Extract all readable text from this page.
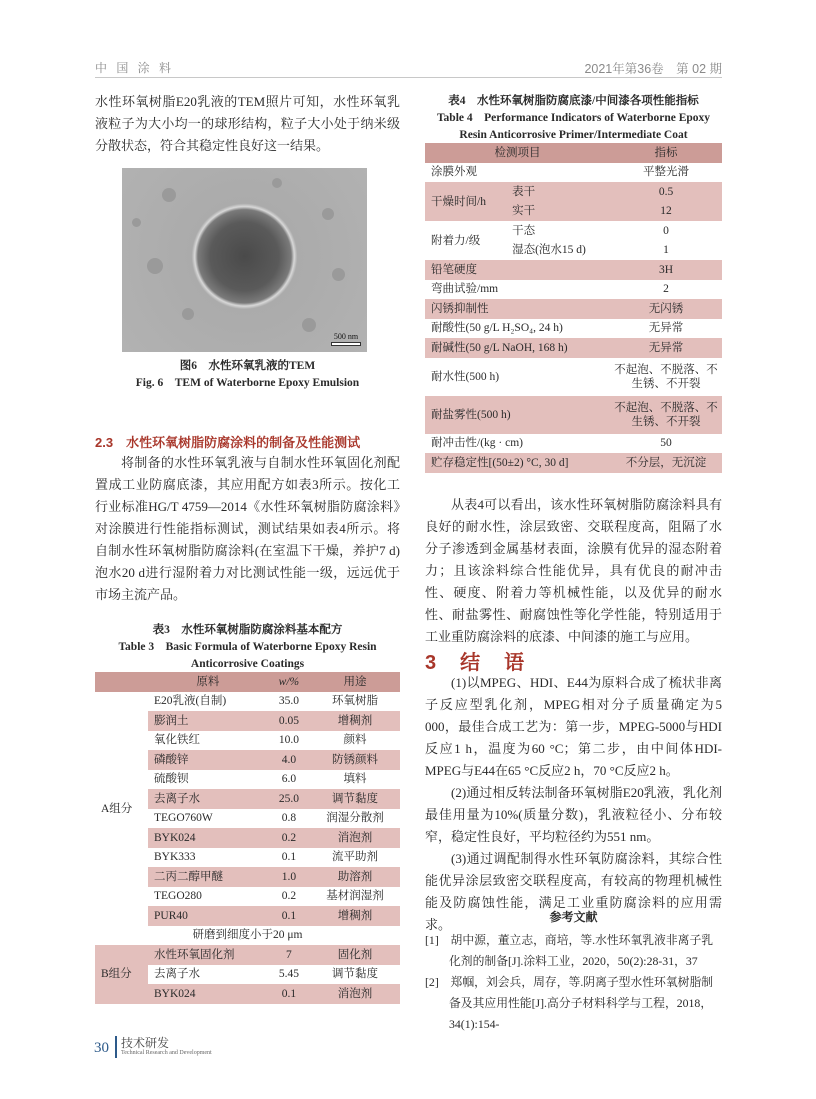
中 国 涂 料	2021年第36卷　第 02 期

水性环氧树脂E20乳液的TEM照片可知，水性环氧乳液粒子为大小均一的球形结构，粒子大小处于纳米级分散状态，符合其稳定性良好这一结果。

500 nm
图6　水性环氧乳液的TEM
Fig. 6　TEM of Waterborne Epoxy Emulsion
2.3　水性环氧树脂防腐涂料的制备及性能测试

将制备的水性环氧乳液与自制水性环氧固化剂配置成工业防腐底漆，其应用配方如表3所示。按化工行业标准HG/T 4759—2014《水性环氧树脂防腐涂料》对涂膜进行性能指标测试，测试结果如表4所示。将自制水性环氧树脂防腐涂料(在室温下干燥，养护7 d)泡水20 d进行湿附着力对比测试性能一级，远远优于市场主流产品。

表3　水性环氧树脂防腐涂料基本配方
Table 3　Basic Formula of Waterborne Epoxy Resin Anticorrosive Coatings
	原料	w/%	用途
A组分	E20乳液(自制)	35.0	环氧树脂
	膨润土	0.05	增稠剂
	氧化铁红	10.0	颜料
	磷酸锌	4.0	防锈颜料
	硫酸钡	6.0	填料
	去离子水	25.0	调节黏度
	TEGO760W	0.8	润湿分散剂
	BYK024	0.2	消泡剂
	BYK333	0.1	流平助剂
	二丙二醇甲醚	1.0	助溶剂
	TEGO280	0.2	基材润湿剂
	PUR40	0.1	增稠剂
研磨到细度小于20 μm			
B组分	水性环氧固化剂	7	固化剂
	去离子水	5.45	调节黏度
	BYK024	0.1	消泡剂
表4　水性环氧树脂防腐底漆/中间漆各项性能指标
Table 4　Performance Indicators of Waterborne Epoxy Resin Anticorrosive Primer/Intermediate Coat
检测项目		指标
涂膜外观		平整光滑
干燥时间/h	表干	0.5
	实干	12
附着力/级	干态	0
	湿态(泡水15 d)	1
铅笔硬度		3H
弯曲试验/mm		2
闪锈抑制性		无闪锈
耐酸性(50 g/L H₂SO₄, 24 h)		无异常
耐碱性(50 g/L NaOH, 168 h)		无异常
耐水性(500 h)		不起泡、不脱落、不生锈、不开裂
耐盐雾性(500 h)		不起泡、不脱落、不生锈、不开裂
耐冲击性/(kg · cm)		50
贮存稳定性[(50±2) °C, 30 d]		不分层，无沉淀

从表4可以看出，该水性环氧树脂防腐涂料具有良好的耐水性，涂层致密、交联程度高，阻隔了水分子渗透到金属基材表面，涂膜有优异的湿态附着力；且该涂料综合性能优异，具有优良的耐冲击性、硬度、附着力等机械性能，以及优异的耐水性、耐盐雾性、耐腐蚀性等化学性能，特别适用于工业重防腐涂料的底漆、中间漆的施工与应用。

3　结　语

(1)以MPEG、HDI、E44为原料合成了梳状非离子反应型乳化剂，MPEG相对分子质量确定为5 000，最佳合成工艺为：第一步，MPEG-5000与HDI反应1 h，温度为60 °C；第二步，由中间体HDI-MPEG与E44在65 °C反应2 h，70 °C反应2 h。

(2)通过相反转法制备环氧树脂E20乳液，乳化剂最佳用量为10%(质量分数)，乳液粒径小、分布较窄，稳定性良好，平均粒径约为551 nm。

(3)通过调配制得水性环氧防腐涂料，其综合性能优异涂层致密交联程度高，有较高的物理机械性能及防腐蚀性能，满足工业重防腐涂料的应用需求。	参考文献

[1]　胡中源，董立志，商培，等.水性环氧乳液非离子乳化剂的制备[J].涂料工业，2020，50(2):28-31，37

[2]　郑帼，刘会兵，周存，等.阴离子型水性环氧树脂制备及其应用性能[J].高分子材料科学与工程，2018，34(1):154-

30 技术研发
Technical Research and Development
